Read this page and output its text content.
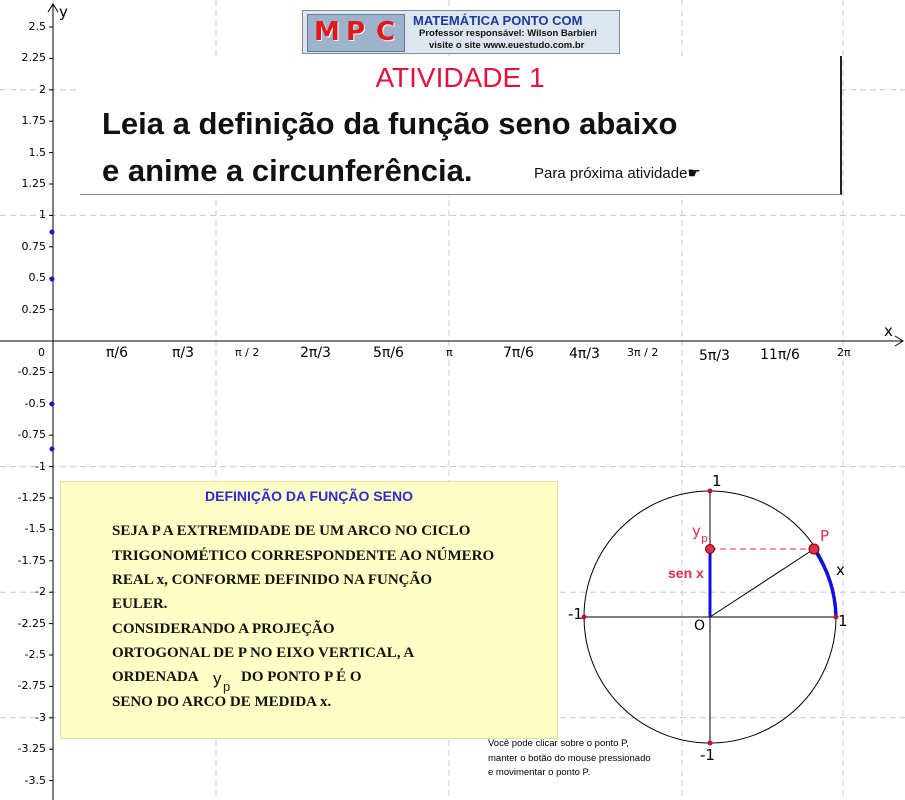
2.5
2.25
2
1.75
1.5
1.25
1
0.75
0.5
0.25
-0.25
-0.5
-0.75
-1
-1.25
-1.5
-1.75
-2
-2.25
-2.5
-2.75
-3
-3.25
-3.5
π/6	π/3	π / 2	2π/3	5π/6	π	7π/6	4π/3 3π / 2	5π/3 11π/6	2π
0
y
x
M P C MATEMÁTICA PONTO COM
Professor responsável: Wilson Barbieri
visite o site www.euestudo.com.br
ATIVIDADE 1
Leia a definição da função seno abaixo
e anime a circunferência.	Para próxima atividade☛
DEFINIÇÃO DA FUNÇÃO SENO
SEJA P A EXTREMIDADE DE UM ARCO NO CICLO
TRIGONOMÉTICO CORRESPONDENTE AO NÚMERO
REAL x, CONFORME DEFINIDO NA FUNÇÃO
EULER.
CONSIDERANDO A PROJEÇÃO
ORTOGONAL DE P NO EIXO VERTICAL, A
ORDENADA y p
DO PONTO P É O
SENO DO ARCO DE MEDIDA x.
1
-1
-1	1
O
P
x
sen x
y p
Você pode clicar sobre o ponto P,
manter o botão do mouse pressionado
e movimentar o ponto P.
